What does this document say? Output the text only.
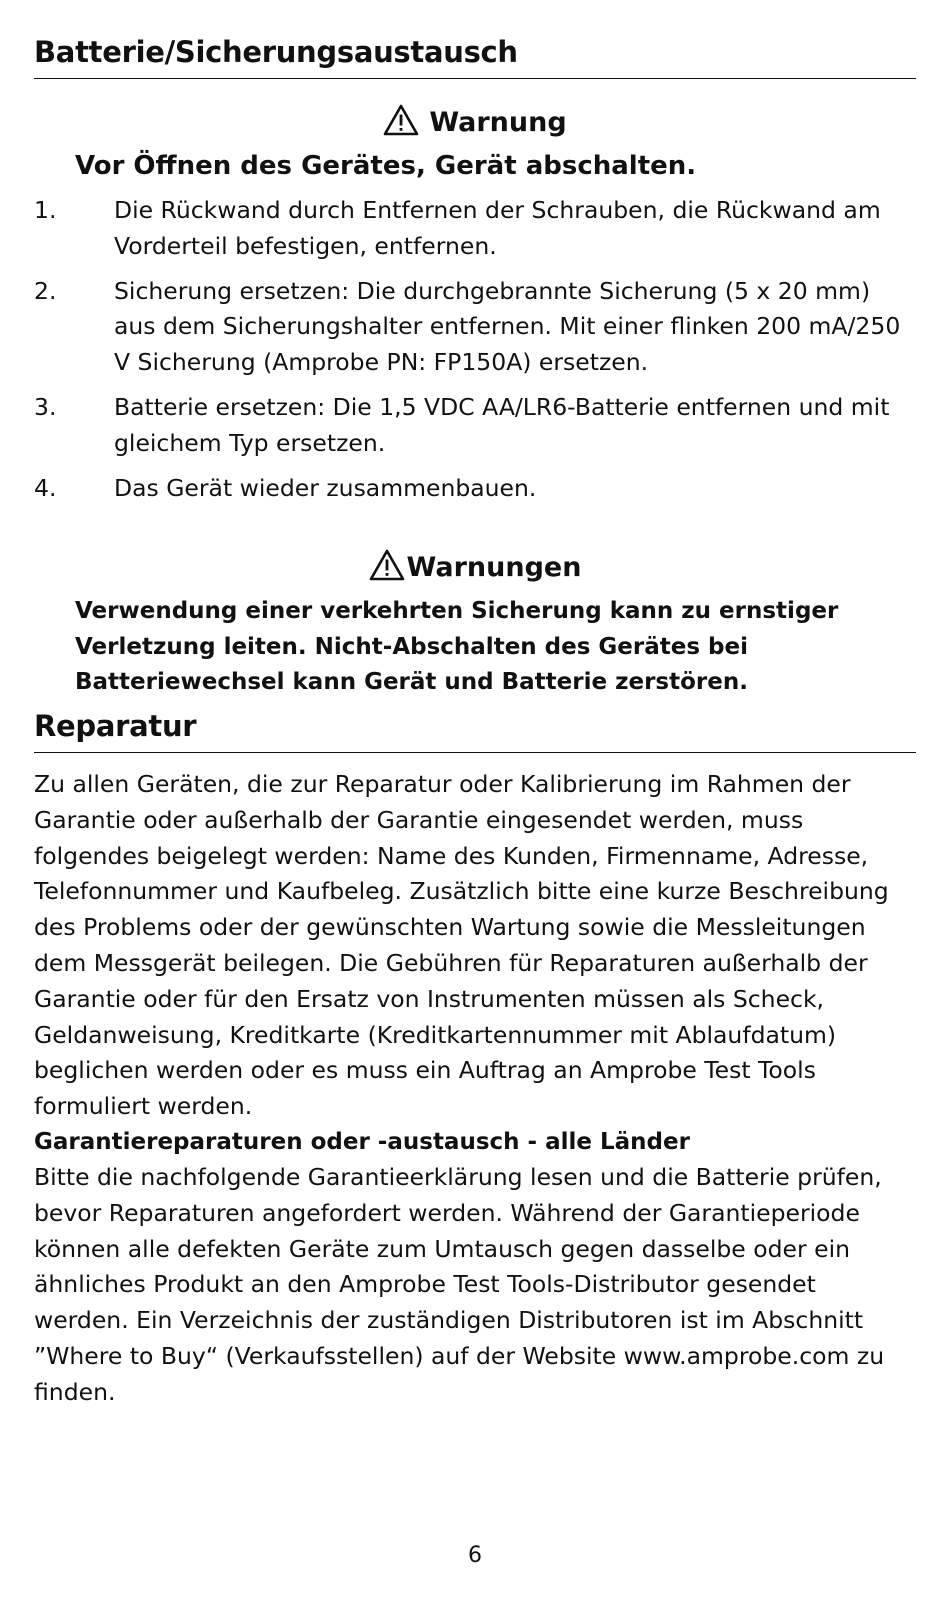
Batterie/Sicherungsaustausch
Warnung
Vor Öffnen des Gerätes, Gerät abschalten.
1.	Die Rückwand durch Entfernen der Schrauben, die Rückwand am Vorderteil befestigen, entfernen.
2.	Sicherung ersetzen: Die durchgebrannte Sicherung (5 x 20 mm) aus dem Sicherungshalter entfernen. Mit einer flinken 200 mA/250 V Sicherung (Amprobe PN: FP150A) ersetzen.
3.	Batterie ersetzen: Die 1,5 VDC AA/LR6-Batterie entfernen und mit gleichem Typ ersetzen.
4.	Das Gerät wieder zusammenbauen.
Warnungen
Verwendung einer verkehrten Sicherung kann zu ernstiger Verletzung leiten. Nicht-Abschalten des Gerätes bei Batteriewechsel kann Gerät und Batterie zerstören.
Reparatur
Zu allen Geräten, die zur Reparatur oder Kalibrierung im Rahmen der Garantie oder außerhalb der Garantie eingesendet werden, muss folgendes beigelegt werden: Name des Kunden, Firmenname, Adresse, Telefonnummer und Kaufbeleg. Zusätzlich bitte eine kurze Beschreibung des Problems oder der gewünschten Wartung sowie die Messleitungen dem Messgerät beilegen. Die Gebühren für Reparaturen außerhalb der Garantie oder für den Ersatz von Instrumenten müssen als Scheck, Geldanweisung, Kreditkarte (Kreditkartennummer mit Ablaufdatum) beglichen werden oder es muss ein Auftrag an Amprobe Test Tools formuliert werden.
Garantiereparaturen oder -austausch - alle Länder
Bitte die nachfolgende Garantieerklärung lesen und die Batterie prüfen, bevor Reparaturen angefordert werden. Während der Garantieperiode können alle defekten Geräte zum Umtausch gegen dasselbe oder ein ähnliches Produkt an den Amprobe Test Tools-Distributor gesendet werden. Ein Verzeichnis der zuständigen Distributoren ist im Abschnitt ”Where to Buy“ (Verkaufsstellen) auf der Website www.amprobe.com zu finden.
6
